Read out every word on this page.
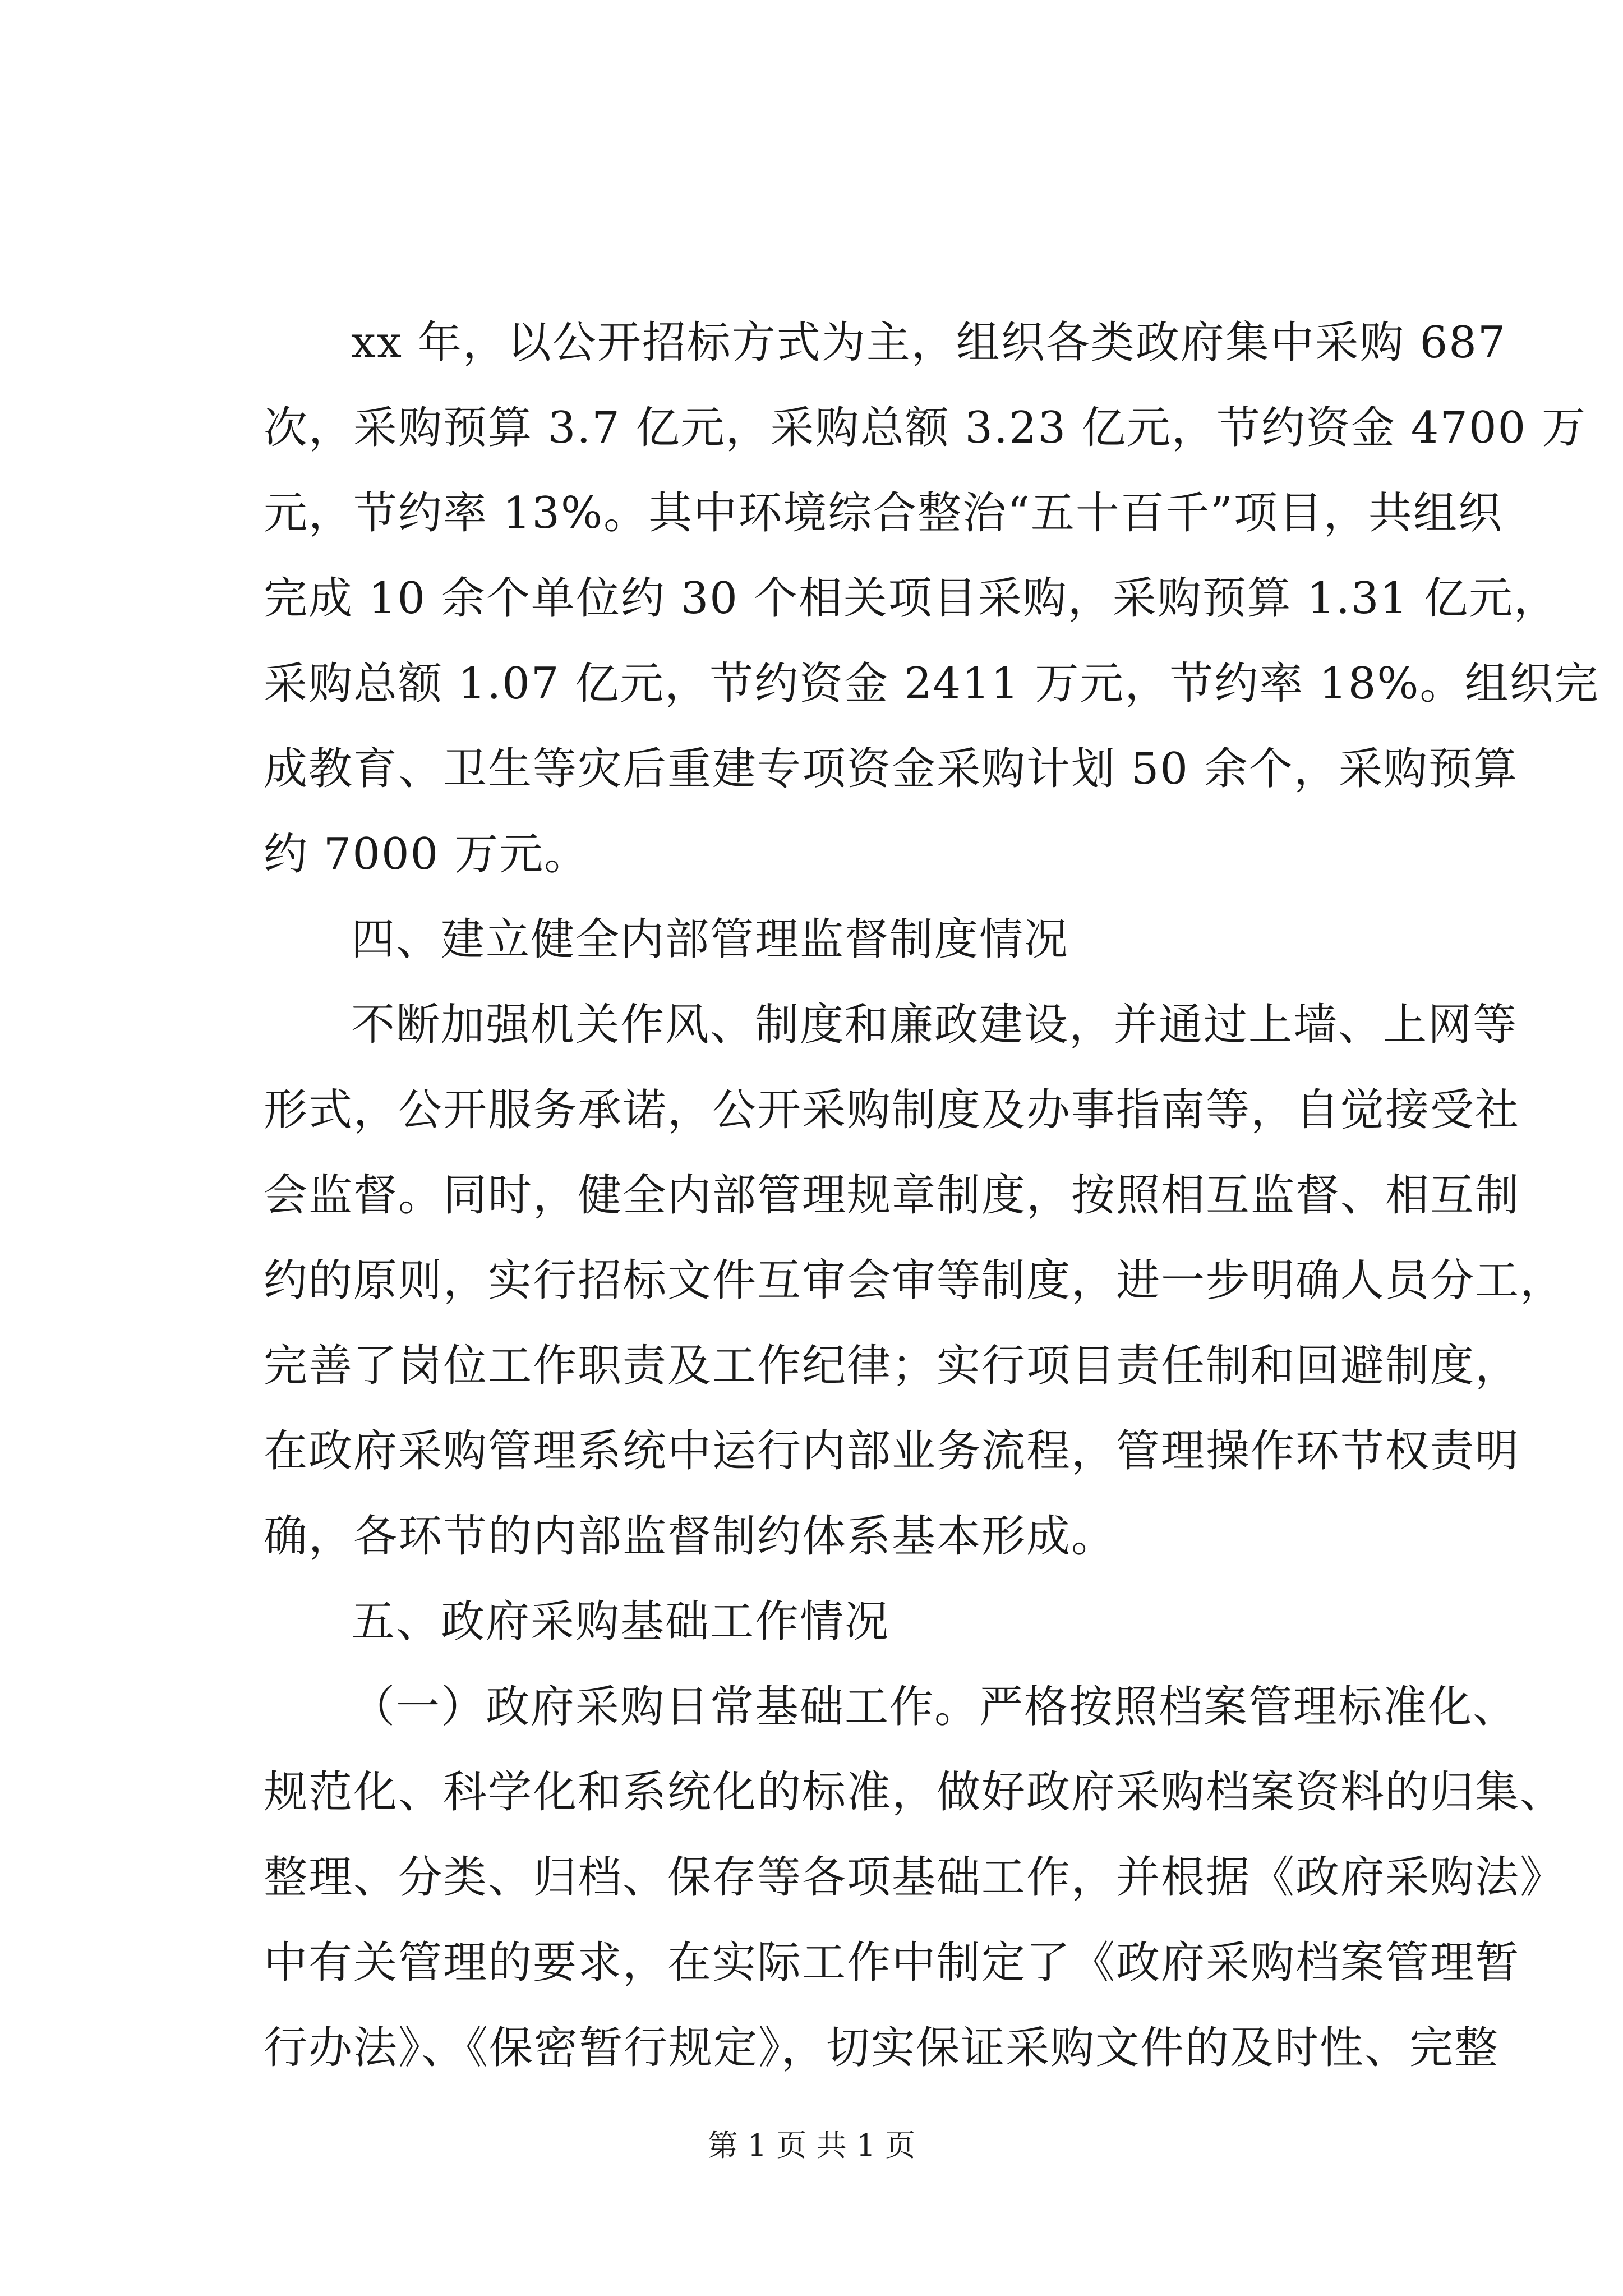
xx 年，以公开招标方式为主，组织各类政府集中采购 687
次，采购预算 3.7 亿元，采购总额 3.23 亿元，节约资金 4700 万
元，节约率 13%。其中环境综合整治“五十百千”项目，共组织
完成 10 余个单位约 30 个相关项目采购，采购预算 1.31 亿元，
采购总额 1.07 亿元，节约资金 2411 万元，节约率 18%。组织完
成教育、卫生等灾后重建专项资金采购计划 50 余个，采购预算
约 7000 万元。
四、建立健全内部管理监督制度情况
不断加强机关作风、制度和廉政建设，并通过上墙、上网等
形式，公开服务承诺，公开采购制度及办事指南等，自觉接受社
会监督。同时，健全内部管理规章制度，按照相互监督、相互制
约的原则，实行招标文件互审会审等制度，进一步明确人员分工，
完善了岗位工作职责及工作纪律；实行项目责任制和回避制度，
在政府采购管理系统中运行内部业务流程，管理操作环节权责明
确，各环节的内部监督制约体系基本形成。
五、政府采购基础工作情况
（一）政府采购日常基础工作。严格按照档案管理标准化、
规范化、科学化和系统化的标准，做好政府采购档案资料的归集、
整理、分类、归档、保存等各项基础工作，并根据《政府采购法》
中有关管理的要求，在实际工作中制定了《政府采购档案管理暂
行办法》、《保密暂行规定》，切实保证采购文件的及时性、完整
第 1 页 共 1 页
